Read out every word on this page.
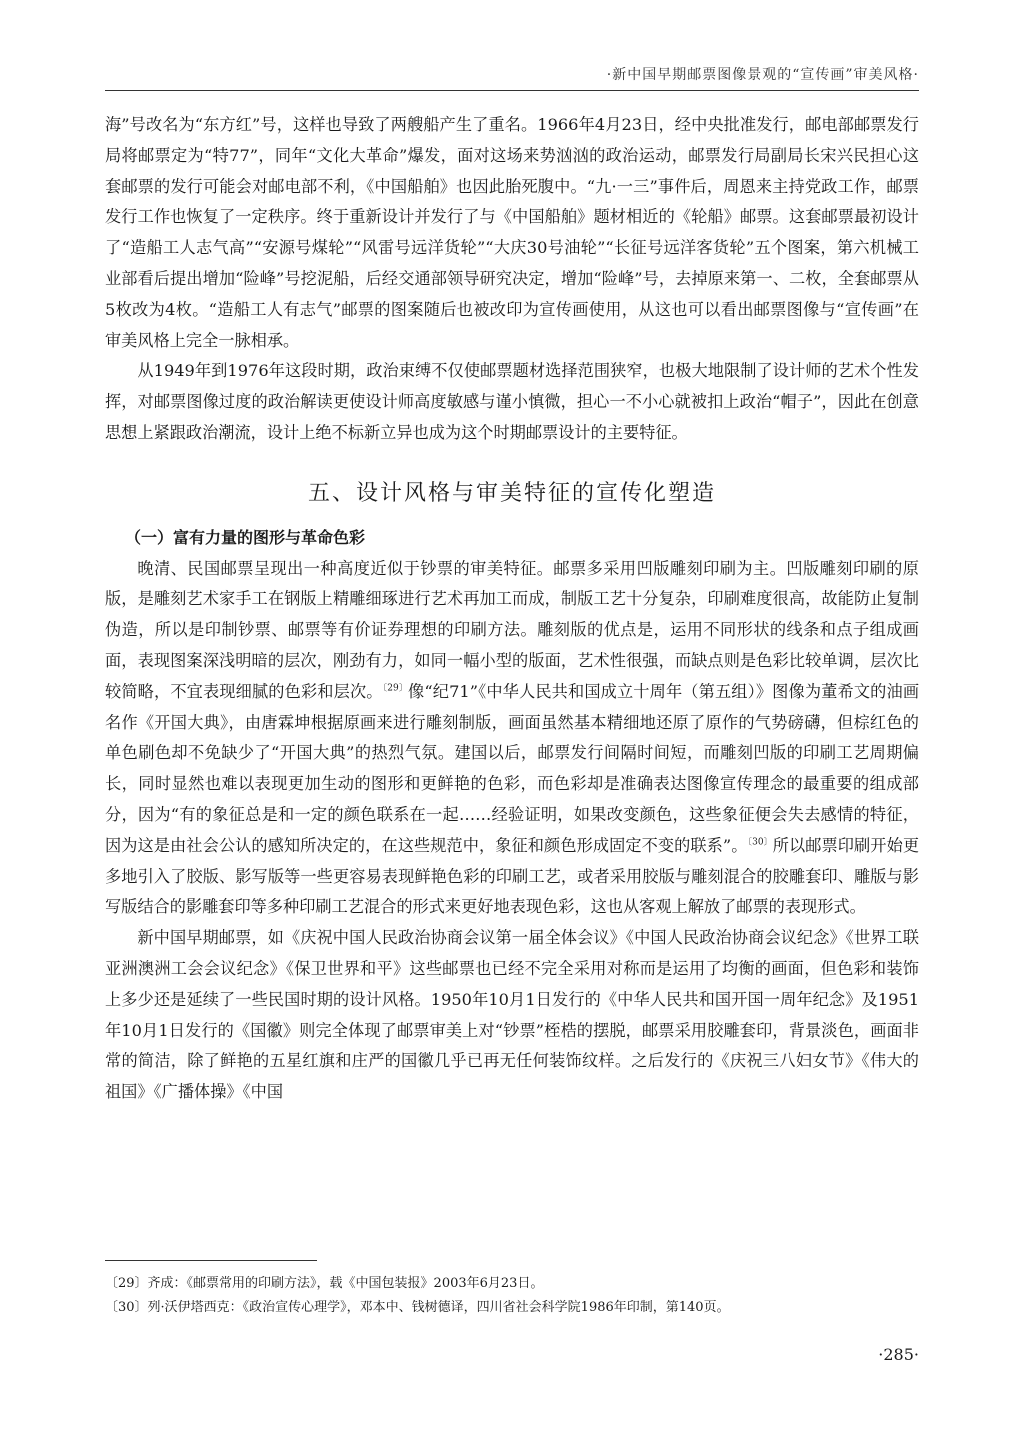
·新中国早期邮票图像景观的“宣传画”审美风格·

海”号改名为“东方红”号，这样也导致了两艘船产生了重名。1966年4月23日，经中央批准发行，邮电部邮票发行局将邮票定为“特77”，同年“文化大革命”爆发，面对这场来势汹汹的政治运动，邮票发行局副局长宋兴民担心这套邮票的发行可能会对邮电部不利，《中国船舶》也因此胎死腹中。“九·一三”事件后，周恩来主持党政工作，邮票发行工作也恢复了一定秩序。终于重新设计并发行了与《中国船舶》题材相近的《轮船》邮票。这套邮票最初设计了“造船工人志气高”“安源号煤轮”“风雷号远洋货轮”“大庆30号油轮”“长征号远洋客货轮”五个图案，第六机械工业部看后提出增加“险峰”号挖泥船，后经交通部领导研究决定，增加“险峰”号，去掉原来第一、二枚，全套邮票从5枚改为4枚。“造船工人有志气”邮票的图案随后也被改印为宣传画使用，从这也可以看出邮票图像与“宣传画”在审美风格上完全一脉相承。

从1949年到1976年这段时期，政治束缚不仅使邮票题材选择范围狭窄，也极大地限制了设计师的艺术个性发挥，对邮票图像过度的政治解读更使设计师高度敏感与谨小慎微，担心一不小心就被扣上政治“帽子”，因此在创意思想上紧跟政治潮流，设计上绝不标新立异也成为这个时期邮票设计的主要特征。

五、设计风格与审美特征的宣传化塑造
（一）富有力量的图形与革命色彩

晚清、民国邮票呈现出一种高度近似于钞票的审美特征。邮票多采用凹版雕刻印刷为主。凹版雕刻印刷的原版，是雕刻艺术家手工在钢版上精雕细琢进行艺术再加工而成，制版工艺十分复杂，印刷难度很高，故能防止复制伪造，所以是印制钞票、邮票等有价证券理想的印刷方法。雕刻版的优点是，运用不同形状的线条和点子组成画面，表现图案深浅明暗的层次，刚劲有力，如同一幅小型的版面，艺术性很强，而缺点则是色彩比较单调，层次比较简略，不宜表现细腻的色彩和层次。$^{〔29〕}$像“纪71”《中华人民共和国成立十周年（第五组）》图像为董希文的油画名作《开国大典》，由唐霖坤根据原画来进行雕刻制版，画面虽然基本精细地还原了原作的气势磅礴，但棕红色的单色刷色却不免缺少了“开国大典”的热烈气氛。建国以后，邮票发行间隔时间短，而雕刻凹版的印刷工艺周期偏长，同时显然也难以表现更加生动的图形和更鲜艳的色彩，而色彩却是准确表达图像宣传理念的最重要的组成部分，因为“有的象征总是和一定的颜色联系在一起……经验证明，如果改变颜色，这些象征便会失去感情的特征，因为这是由社会公认的感知所决定的，在这些规范中，象征和颜色形成固定不变的联系”。$^{〔30〕}$所以邮票印刷开始更多地引入了胶版、影写版等一些更容易表现鲜艳色彩的印刷工艺，或者采用胶版与雕刻混合的胶雕套印、雕版与影写版结合的影雕套印等多种印刷工艺混合的形式来更好地表现色彩，这也从客观上解放了邮票的表现形式。

新中国早期邮票，如《庆祝中国人民政治协商会议第一届全体会议》《中国人民政治协商会议纪念》《世界工联亚洲澳洲工会会议纪念》《保卫世界和平》这些邮票也已经不完全采用对称而是运用了均衡的画面，但色彩和装饰上多少还是延续了一些民国时期的设计风格。1950年10月1日发行的《中华人民共和国开国一周年纪念》及1951年10月1日发行的《国徽》则完全体现了邮票审美上对“钞票”桎梏的摆脱，邮票采用胶雕套印，背景淡色，画面非常的简洁，除了鲜艳的五星红旗和庄严的国徽几乎已再无任何装饰纹样。之后发行的《庆祝三八妇女节》《伟大的祖国》《广播体操》《中国

〔29〕齐成：《邮票常用的印刷方法》，载《中国包装报》2003年6月23日。
〔30〕列·沃伊塔西克：《政治宣传心理学》，邓本中、钱树德译，四川省社会科学院1986年印制，第140页。
·285·
